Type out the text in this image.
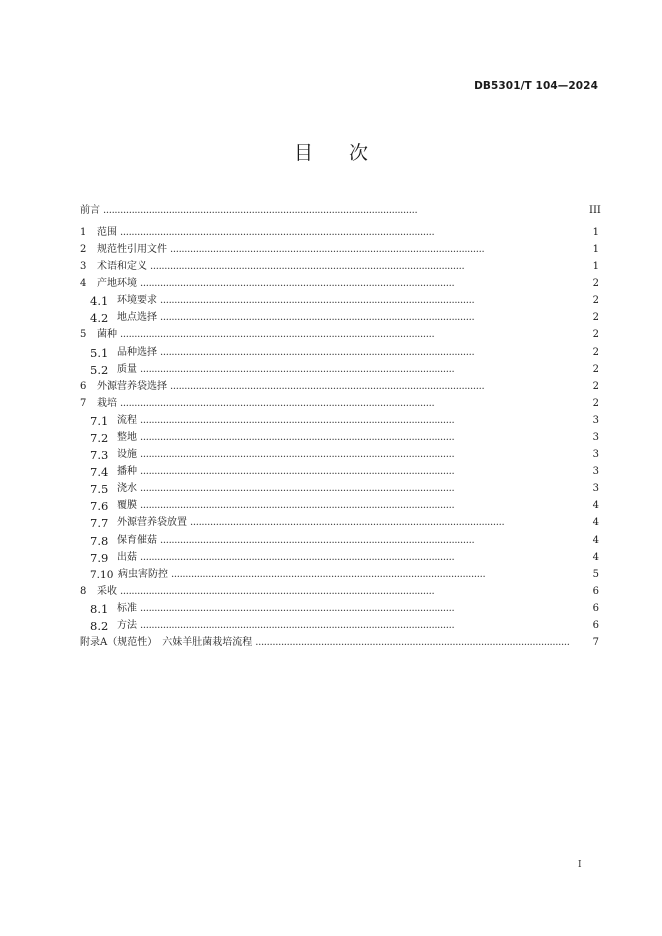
DB5301/T 104—2024
目 次
前言 . . .	III
1	范围 . . .	1
2	规范性引用文件 . . .	1
3	术语和定义 . . .	1
4	产地环境 . . .	2
4.1 环境要求 . . .	2
4.2 地点选择 . . .	2
5	菌种 . . .	2
5.1 品种选择 . . .	2
5.2 质量 . . .	2
6	外源营养袋选择 . . .	2
7	栽培 . . .	2
7.1 流程 . . .	3
7.2 整地 . . .	3
7.3 设施 . . .	3
7.4 播种 . . .	3
7.5 浇水 . . .	3
7.6 覆膜 . . .	4
7.7 外源营养袋放置 . . .	4
7.8 保育催菇 . . .	4
7.9 出菇 . . .	4
7.10 病虫害防控 . . .	5
8	采收 . . .	6
8.1 标准 . . .	6
8.2 方法 . . .	6
附录A（规范性）　六妹羊肚菌栽培流程 . . .	7
I
